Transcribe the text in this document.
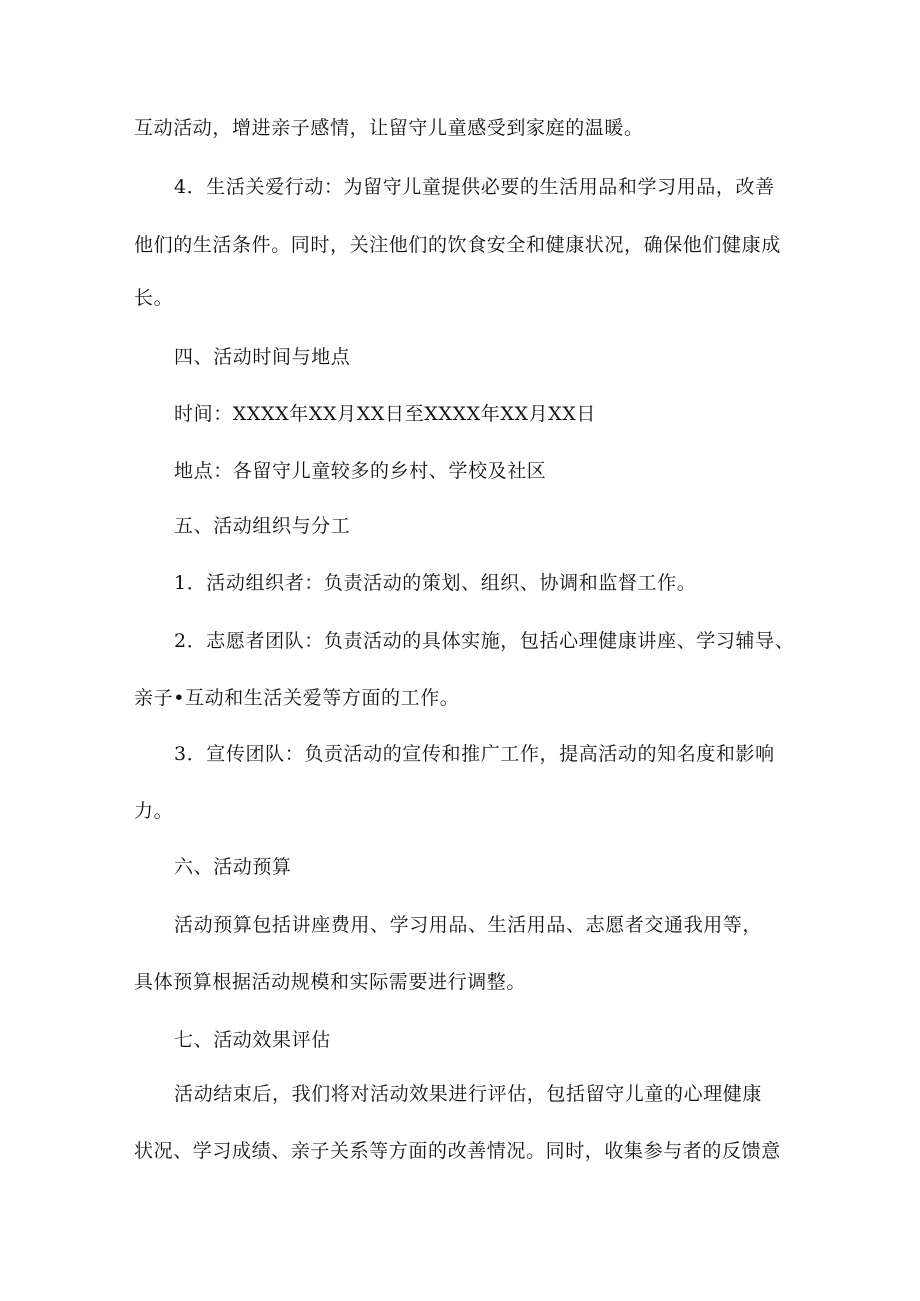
互动活动，增进亲子感情，让留守儿童感受到家庭的温暖。

4．生活关爱行动：为留守儿童提供必要的生活用品和学习用品，改善

他们的生活条件。同时，关注他们的饮食安全和健康状况，确保他们健康成

长。

四、活动时间与地点

时间：XXXX年XX月XX日至XXXX年XX月XX日

地点：各留守儿童较多的乡村、学校及社区

五、活动组织与分工

1．活动组织者：负责活动的策划、组织、协调和监督工作。

2．志愿者团队：负责活动的具体实施，包括心理健康讲座、学习辅导、

亲子•互动和生活关爱等方面的工作。

3．宣传团队：负贡活动的宣传和推广工作，提高活动的知名度和影响

力。

六、活动预算

活动预算包括讲座费用、学习用品、生活用品、志愿者交通我用等，

具体预算根据活动规模和实际需要进行调整。

七、活动效果评估

活动结束后，我们将对活动效果进行评估，包括留守儿童的心理健康

状况、学习成绩、亲子关系等方面的改善情况。同时，收集参与者的反馈意
